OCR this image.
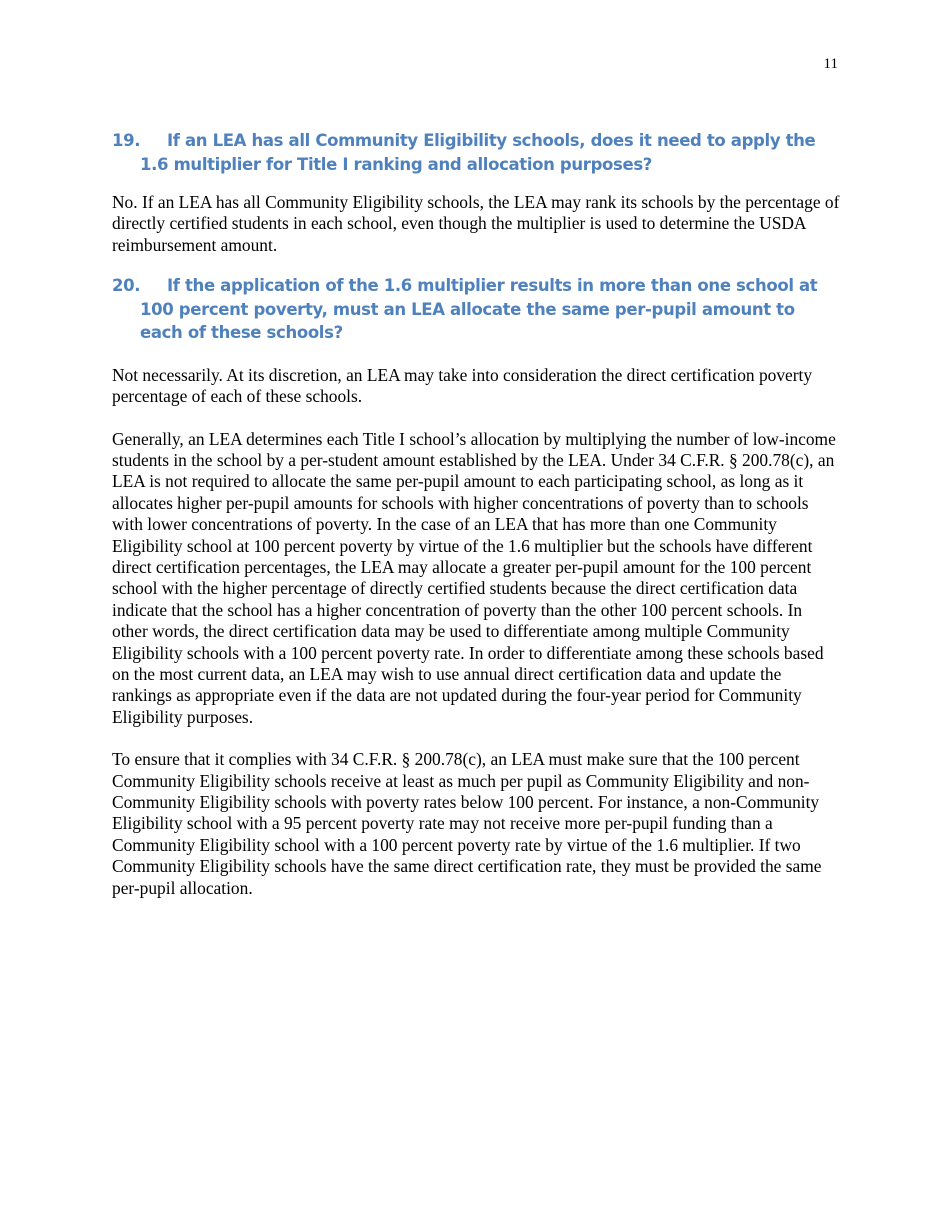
11
19. If an LEA has all Community Eligibility schools, does it need to apply the 1.6 multiplier for Title I ranking and allocation purposes?

No. If an LEA has all Community Eligibility schools, the LEA may rank its schools by the percentage of directly certified students in each school, even though the multiplier is used to determine the USDA reimbursement amount.

20. If the application of the 1.6 multiplier results in more than one school at 100 percent poverty, must an LEA allocate the same per-pupil amount to each of these schools?

Not necessarily. At its discretion, an LEA may take into consideration the direct certification poverty percentage of each of these schools.

Generally, an LEA determines each Title I school’s allocation by multiplying the number of low-income students in the school by a per-student amount established by the LEA. Under 34 C.F.R. § 200.78(c), an LEA is not required to allocate the same per-pupil amount to each participating school, as long as it allocates higher per-pupil amounts for schools with higher concentrations of poverty than to schools with lower concentrations of poverty. In the case of an LEA that has more than one Community Eligibility school at 100 percent poverty by virtue of the 1.6 multiplier but the schools have different direct certification percentages, the LEA may allocate a greater per-pupil amount for the 100 percent school with the higher percentage of directly certified students because the direct certification data indicate that the school has a higher concentration of poverty than the other 100 percent schools. In other words, the direct certification data may be used to differentiate among multiple Community Eligibility schools with a 100 percent poverty rate. In order to differentiate among these schools based on the most current data, an LEA may wish to use annual direct certification data and update the rankings as appropriate even if the data are not updated during the four-year period for Community Eligibility purposes.

To ensure that it complies with 34 C.F.R. § 200.78(c), an LEA must make sure that the 100 percent Community Eligibility schools receive at least as much per pupil as Community Eligibility and non-Community Eligibility schools with poverty rates below 100 percent. For instance, a non-Community Eligibility school with a 95 percent poverty rate may not receive more per-pupil funding than a Community Eligibility school with a 100 percent poverty rate by virtue of the 1.6 multiplier. If two Community Eligibility schools have the same direct certification rate, they must be provided the same per-pupil allocation.
